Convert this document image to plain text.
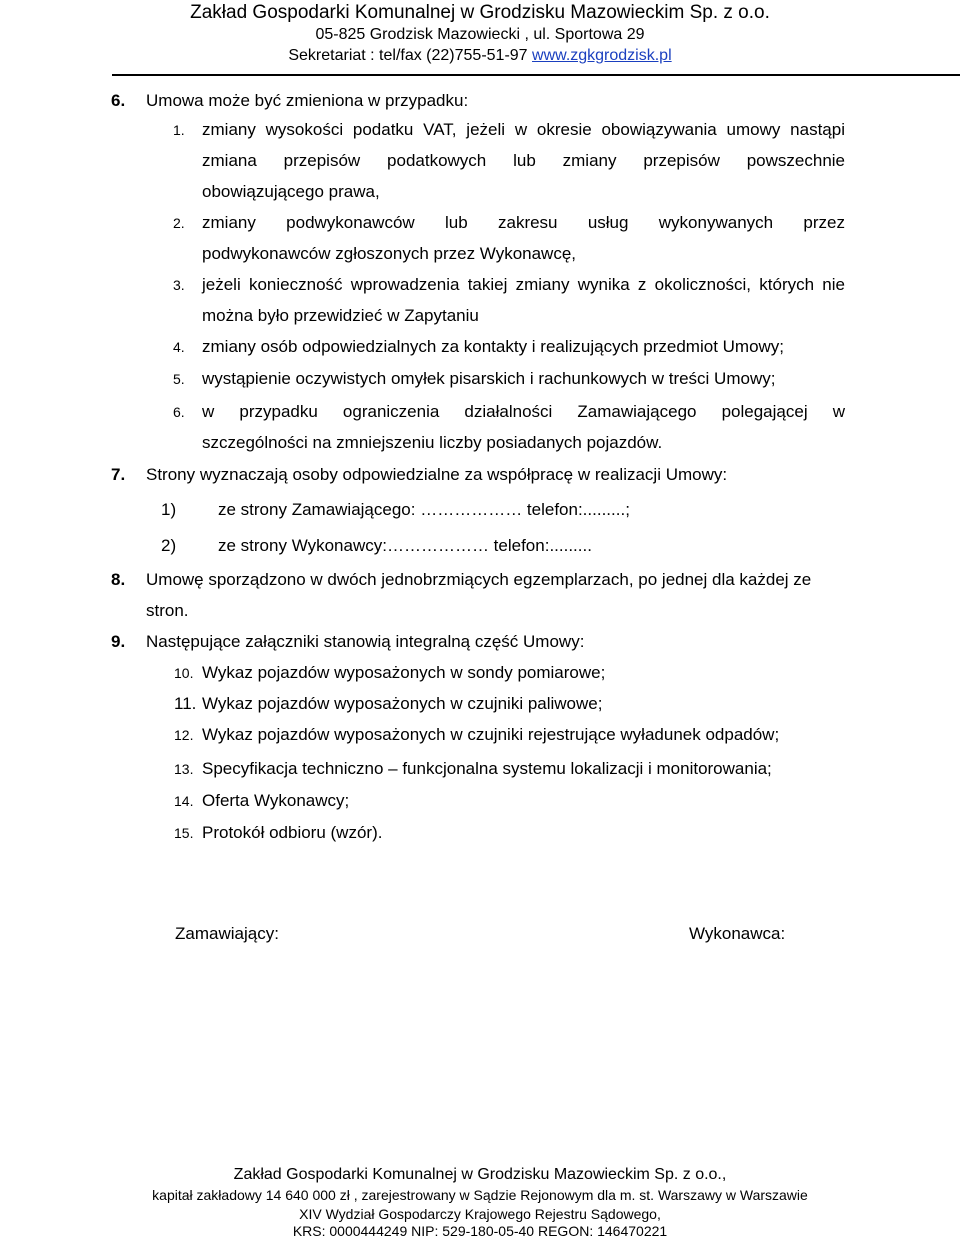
Zakład Gospodarki Komunalnej w Grodzisku Mazowieckim Sp. z o.o.
05-825 Grodzisk Mazowiecki , ul. Sportowa 29
Sekretariat : tel/fax (22)755-51-97 www.zgkgrodzisk.pl
6. Umowa może być zmieniona w przypadku:
1. zmiany wysokości podatku VAT, jeżeli w okresie obowiązywania umowy nastąpi
zmiana przepisów podatkowych lub zmiany przepisów powszechnie
obowiązującego prawa,
2. zmiany podwykonawców lub zakresu usług wykonywanych przez
podwykonawców zgłoszonych przez Wykonawcę,
3. jeżeli konieczność wprowadzenia takiej zmiany wynika z okoliczności, których nie
można było przewidzieć w Zapytaniu
4. zmiany osób odpowiedzialnych za kontakty i realizujących przedmiot Umowy;
5. wystąpienie oczywistych omyłek pisarskich i rachunkowych w treści Umowy;
6. w przypadku ograniczenia działalności Zamawiającego polegającej w
szczególności na zmniejszeniu liczby posiadanych pojazdów.
7. Strony wyznaczają osoby odpowiedzialne za współpracę w realizacji Umowy:
1) ze strony Zamawiającego: ……………… telefon:.........;
2) ze strony Wykonawcy:……………… telefon:.........
8. Umowę sporządzono w dwóch jednobrzmiących egzemplarzach, po jednej dla każdej ze
stron.
9. Następujące załączniki stanowią integralną część Umowy:
10. Wykaz pojazdów wyposażonych w sondy pomiarowe;
11. Wykaz pojazdów wyposażonych w czujniki paliwowe;
12. Wykaz pojazdów wyposażonych w czujniki rejestrujące wyładunek odpadów;
13. Specyfikacja techniczno – funkcjonalna systemu lokalizacji i monitorowania;
14. Oferta Wykonawcy;
15. Protokół odbioru (wzór).
Zamawiający:	Wykonawca:
Zakład Gospodarki Komunalnej w Grodzisku Mazowieckim Sp. z o.o.,
kapitał zakładowy 14 640 000 zł , zarejestrowany w Sądzie Rejonowym dla m. st. Warszawy w Warszawie
XIV Wydział Gospodarczy Krajowego Rejestru Sądowego,
KRS: 0000444249 NIP: 529-180-05-40 REGON: 146470221
